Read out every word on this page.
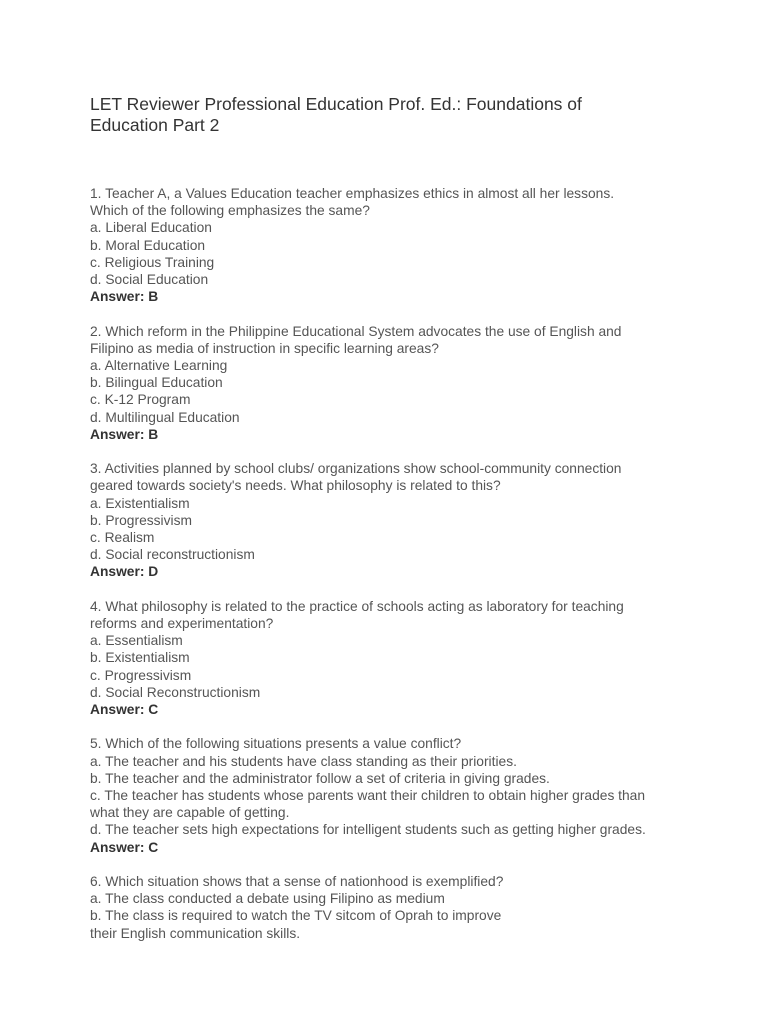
LET Reviewer Professional Education Prof. Ed.: Foundations of
Education Part 2
1. Teacher A, a Values Education teacher emphasizes ethics in almost all her lessons.
Which of the following emphasizes the same?
a. Liberal Education
b. Moral Education
c. Religious Training
d. Social Education
Answer: B
2. Which reform in the Philippine Educational System advocates the use of English and
Filipino as media of instruction in specific learning areas?
a. Alternative Learning
b. Bilingual Education
c. K-12 Program
d. Multilingual Education
Answer: B
3. Activities planned by school clubs/ organizations show school-community connection
geared towards society's needs. What philosophy is related to this?
a. Existentialism
b. Progressivism
c. Realism
d. Social reconstructionism
Answer: D
4. What philosophy is related to the practice of schools acting as laboratory for teaching
reforms and experimentation?
a. Essentialism
b. Existentialism
c. Progressivism
d. Social Reconstructionism
Answer: C
5. Which of the following situations presents a value conflict?
a. The teacher and his students have class standing as their priorities.
b. The teacher and the administrator follow a set of criteria in giving grades.
c. The teacher has students whose parents want their children to obtain higher grades than
what they are capable of getting.
d. The teacher sets high expectations for intelligent students such as getting higher grades.
Answer: C
6. Which situation shows that a sense of nationhood is exemplified?
a. The class conducted a debate using Filipino as medium
b. The class is required to watch the TV sitcom of Oprah to improve
their English communication skills.
